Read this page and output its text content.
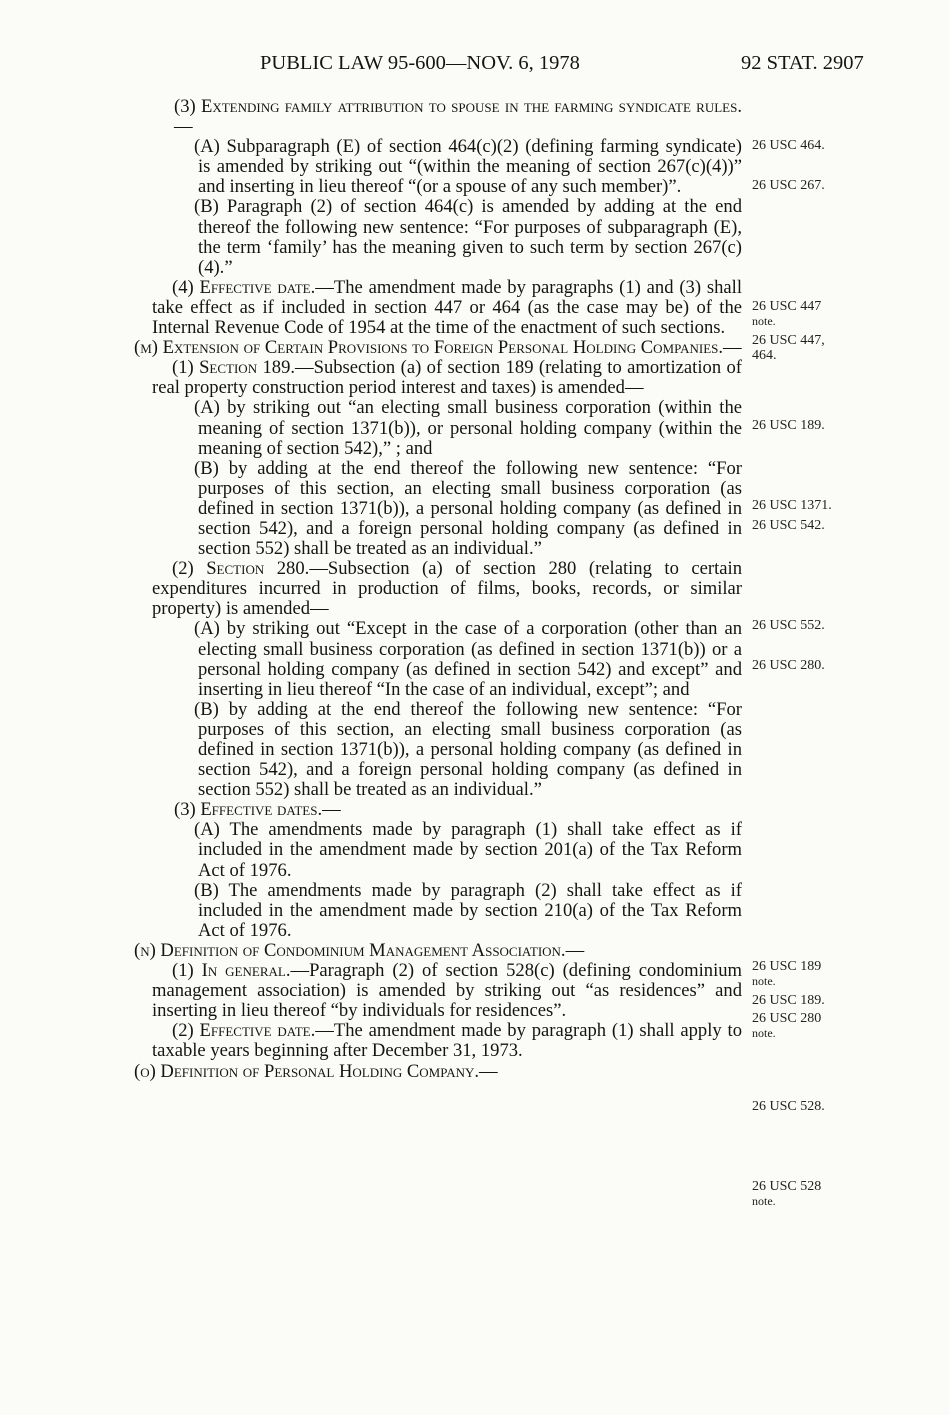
PUBLIC LAW 95-600—NOV. 6, 1978	92 STAT. 2907

(3) Extending family attribution to spouse in the farming syndicate rules.—

(A) Subparagraph (E) of section 464(c)(2) (defining farming syndicate) is amended by striking out “(within the meaning of section 267(c)(4))” and inserting in lieu thereof “(or a spouse of any such member)”.

(B) Paragraph (2) of section 464(c) is amended by adding at the end thereof the following new sentence: “For purposes of subparagraph (E), the term ‘family’ has the meaning given to such term by section 267(c)(4).”

(4) Effective date.—The amendment made by paragraphs (1) and (3) shall take effect as if included in section 447 or 464 (as the case may be) of the Internal Revenue Code of 1954 at the time of the enactment of such sections.

(m) Extension of Certain Provisions to Foreign Personal Holding Companies.—

(1) Section 189.—Subsection (a) of section 189 (relating to amortization of real property construction period interest and taxes) is amended—

(A) by striking out “an electing small business corporation (within the meaning of section 1371(b)), or personal holding company (within the meaning of section 542),” ; and

(B) by adding at the end thereof the following new sentence: “For purposes of this section, an electing small business corporation (as defined in section 1371(b)), a personal holding company (as defined in section 542), and a foreign personal holding company (as defined in section 552) shall be treated as an individual.”

(2) Section 280.—Subsection (a) of section 280 (relating to certain expenditures incurred in production of films, books, records, or similar property) is amended—

(A) by striking out “Except in the case of a corporation (other than an electing small business corporation (as defined in section 1371(b)) or a personal holding company (as defined in section 542) and except” and inserting in lieu thereof “In the case of an individual, except”; and

(B) by adding at the end thereof the following new sentence: “For purposes of this section, an electing small business corporation (as defined in section 1371(b)), a personal holding company (as defined in section 542), and a foreign personal holding company (as defined in section 552) shall be treated as an individual.”

(3) Effective dates.—

(A) The amendments made by paragraph (1) shall take effect as if included in the amendment made by section 201(a) of the Tax Reform Act of 1976.

(B) The amendments made by paragraph (2) shall take effect as if included in the amendment made by section 210(a) of the Tax Reform Act of 1976.

(n) Definition of Condominium Management Association.—

(1) In general.—Paragraph (2) of section 528(c) (defining condominium management association) is amended by striking out “as residences” and inserting in lieu thereof “by individuals for residences”.

(2) Effective date.—The amendment made by paragraph (1) shall apply to taxable years beginning after December 31, 1973.

(o) Definition of Personal Holding Company.—

26 USC 464.
26 USC 267.
26 USC 447
note.
26 USC 447,
464.
26 USC 189.
26 USC 1371.
26 USC 542.
26 USC 552.
26 USC 280.
26 USC 189
note.
26 USC 189.
26 USC 280
note.
26 USC 528.
26 USC 528
note.
